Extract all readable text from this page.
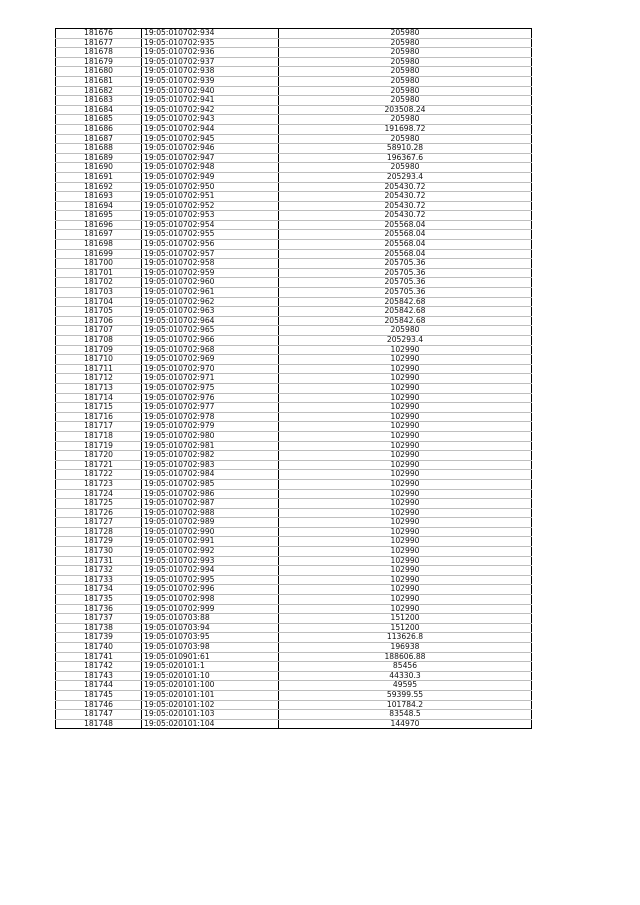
181676	19:05:010702:934	205980
181677	19:05:010702:935	205980
181678	19:05:010702:936	205980
181679	19:05:010702:937	205980
181680	19:05:010702:938	205980
181681	19:05:010702:939	205980
181682	19:05:010702:940	205980
181683	19:05:010702:941	205980
181684	19:05:010702:942	203508.24
181685	19:05:010702:943	205980
181686	19:05:010702:944	191698.72
181687	19:05:010702:945	205980
181688	19:05:010702:946	58910.28
181689	19:05:010702:947	196367.6
181690	19:05:010702:948	205980
181691	19:05:010702:949	205293.4
181692	19:05:010702:950	205430.72
181693	19:05:010702:951	205430.72
181694	19:05:010702:952	205430.72
181695	19:05:010702:953	205430.72
181696	19:05:010702:954	205568.04
181697	19:05:010702:955	205568.04
181698	19:05:010702:956	205568.04
181699	19:05:010702:957	205568.04
181700	19:05:010702:958	205705.36
181701	19:05:010702:959	205705.36
181702	19:05:010702:960	205705.36
181703	19:05:010702:961	205705.36
181704	19:05:010702:962	205842.68
181705	19:05:010702:963	205842.68
181706	19:05:010702:964	205842.68
181707	19:05:010702:965	205980
181708	19:05:010702:966	205293.4
181709	19:05:010702:968	102990
181710	19:05:010702:969	102990
181711	19:05:010702:970	102990
181712	19:05:010702:971	102990
181713	19:05:010702:975	102990
181714	19:05:010702:976	102990
181715	19:05:010702:977	102990
181716	19:05:010702:978	102990
181717	19:05:010702:979	102990
181718	19:05:010702:980	102990
181719	19:05:010702:981	102990
181720	19:05:010702:982	102990
181721	19:05:010702:983	102990
181722	19:05:010702:984	102990
181723	19:05:010702:985	102990
181724	19:05:010702:986	102990
181725	19:05:010702:987	102990
181726	19:05:010702:988	102990
181727	19:05:010702:989	102990
181728	19:05:010702:990	102990
181729	19:05:010702:991	102990
181730	19:05:010702:992	102990
181731	19:05:010702:993	102990
181732	19:05:010702:994	102990
181733	19:05:010702:995	102990
181734	19:05:010702:996	102990
181735	19:05:010702:998	102990
181736	19:05:010702:999	102990
181737	19:05:010703:88	151200
181738	19:05:010703:94	151200
181739	19:05:010703:95	113626.8
181740	19:05:010703:98	196938
181741	19:05:010901:61	188606.88
181742	19:05:020101:1	85456
181743	19:05:020101:10	44330.3
181744	19:05:020101:100	49595
181745	19:05:020101:101	59399.55
181746	19:05:020101:102	101784.2
181747	19:05:020101:103	83548.5
181748	19:05:020101:104	144970
